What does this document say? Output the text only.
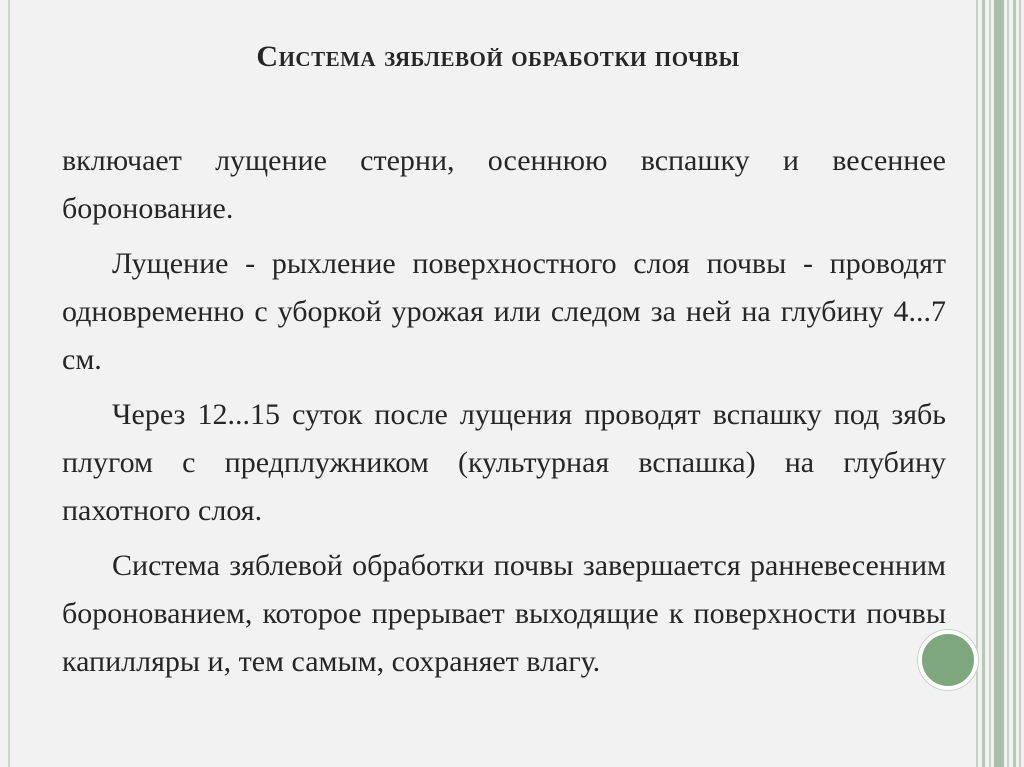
Система зяблевой обработки почвы

включает лущение стерни, осеннюю вспашку и весеннее боронование.

Лущение - рыхление поверхностного слоя почвы - проводят одновременно с уборкой урожая или следом за ней на глубину 4...7 см.

Через 12...15 суток после лущения проводят вспашку под зябь плугом с предплужником (культурная вспашка) на глубину пахотного слоя.

Система зяблевой обработки почвы завершается ранневесенним боронованием, которое прерывает выходящие к поверхности почвы капилляры и, тем самым, сохраняет влагу.
